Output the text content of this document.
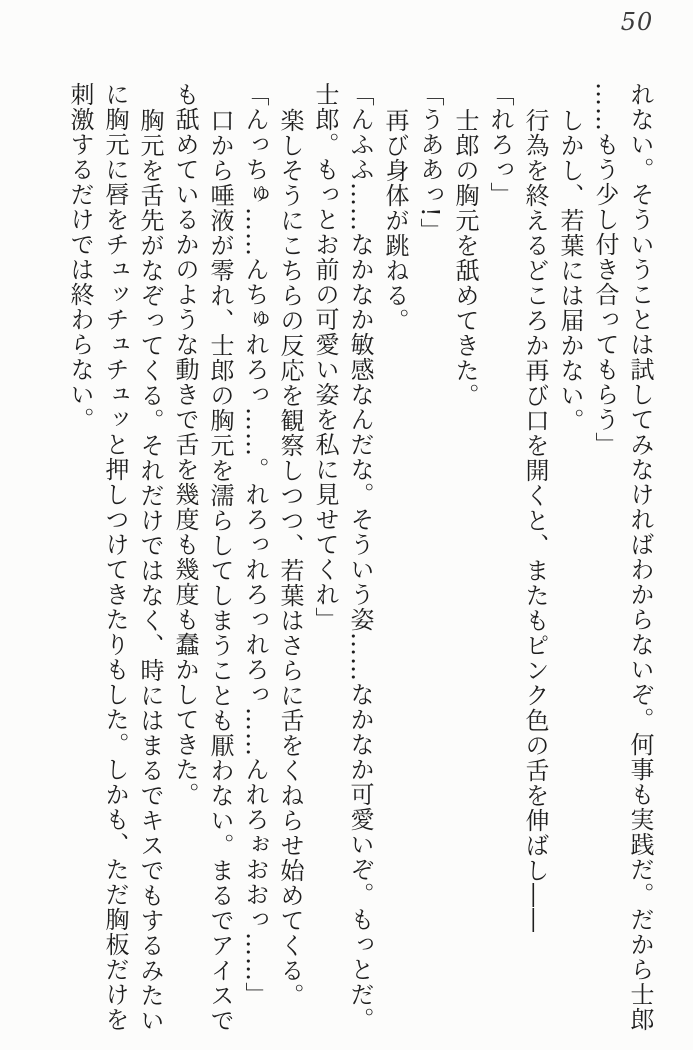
50
れない。そういうことは試してみなければわからないぞ。何事も実践だ。だから士郎
……もう少し付き合ってもらう」
しかし、若葉には届かない。
行為を終えるどころか再び口を開くと、またもピンク色の舌を伸ばし――
「れろっ」
士郎の胸元を舐めてきた。
「うああっ!」
再び身体が跳ねる。
「んふふ……なかなか敏感なんだな。そういう姿……なかなか可愛いぞ。もっとだ。
士郎。もっとお前の可愛い姿を私に見せてくれ」
楽しそうにこちらの反応を観察しつつ、若葉はさらに舌をくねらせ始めてくる。
「んっちゅ……んちゅれろっ……。れろっれろっれろっ……んれろぉおおっ……」
口から唾液が零れ、士郎の胸元を濡らしてしまうことも厭わない。まるでアイスで
も舐めているかのような動きで舌を幾度も幾度も蠢かしてきた。
胸元を舌先がなぞってくる。それだけではなく、時にはまるでキスでもするみたい
に胸元に唇をチュッチュチュッと押しつけてきたりもした。しかも、ただ胸板だけを
刺激するだけでは終わらない。
